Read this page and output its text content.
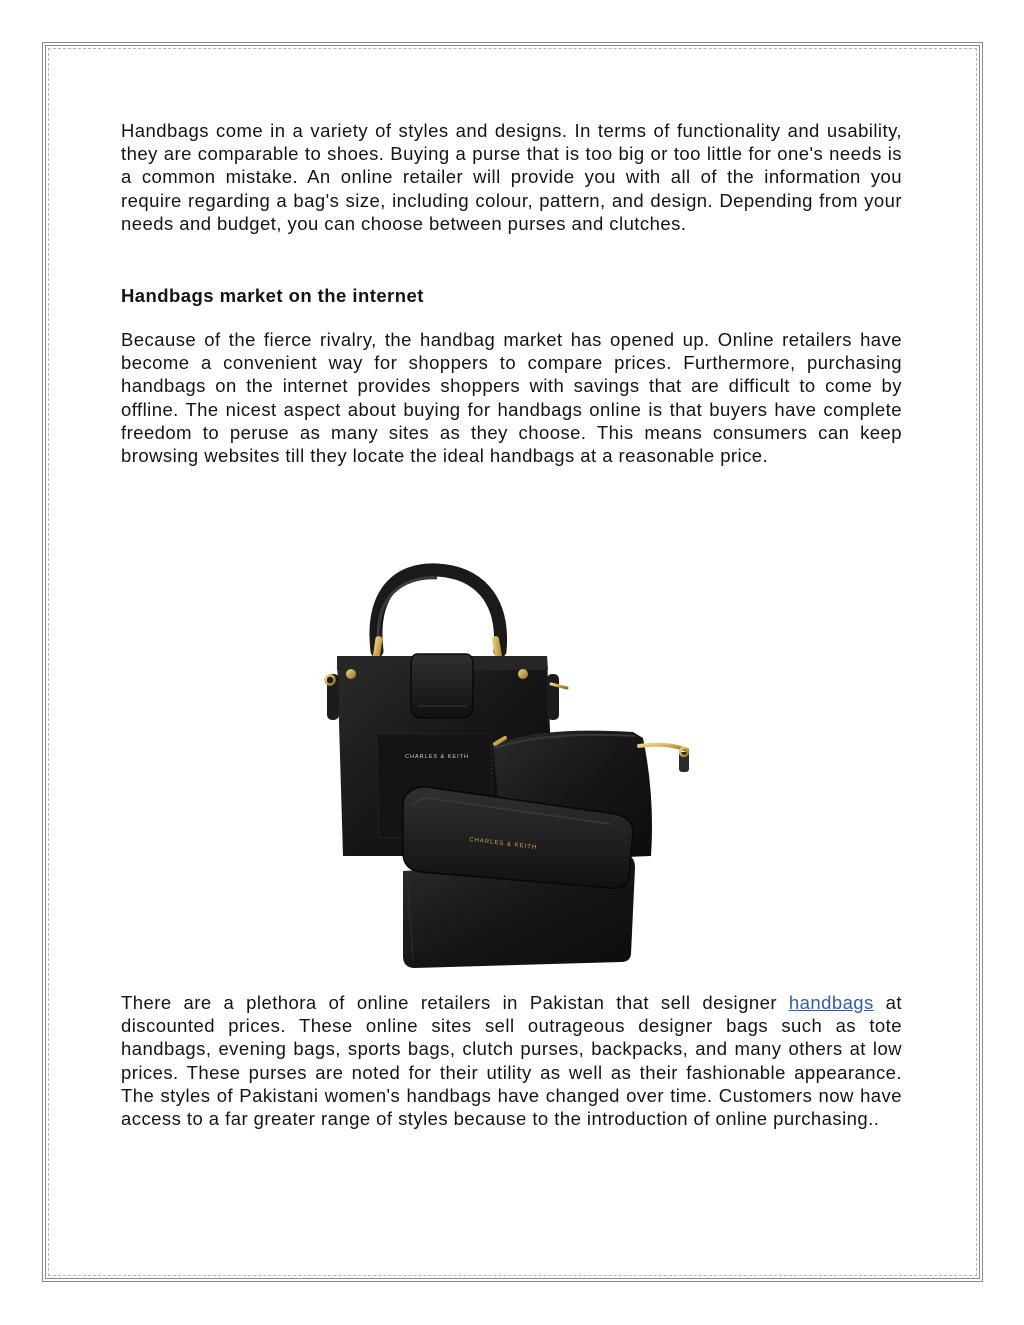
Handbags come in a variety of styles and designs. In terms of functionality and usability, they are comparable to shoes. Buying a purse that is too big or too little for one's needs is a common mistake. An online retailer will provide you with all of the information you require regarding a bag's size, including colour, pattern, and design. Depending from your needs and budget, you can choose between purses and clutches.

Handbags market on the internet

Because of the fierce rivalry, the handbag market has opened up. Online retailers have become a convenient way for shoppers to compare prices. Furthermore, purchasing handbags on the internet provides shoppers with savings that are difficult to come by offline. The nicest aspect about buying for handbags online is that buyers have complete freedom to peruse as many sites as they choose. This means consumers can keep browsing websites till they locate the ideal handbags at a reasonable price.

CHARLES & KEITH
CHARLES & KEITH

There are a plethora of online retailers in Pakistan that sell designer handbags at discounted prices. These online sites sell outrageous designer bags such as tote handbags, evening bags, sports bags, clutch purses, backpacks, and many others at low prices. These purses are noted for their utility as well as their fashionable appearance. The styles of Pakistani women's handbags have changed over time. Customers now have access to a far greater range of styles because to the introduction of online purchasing..
